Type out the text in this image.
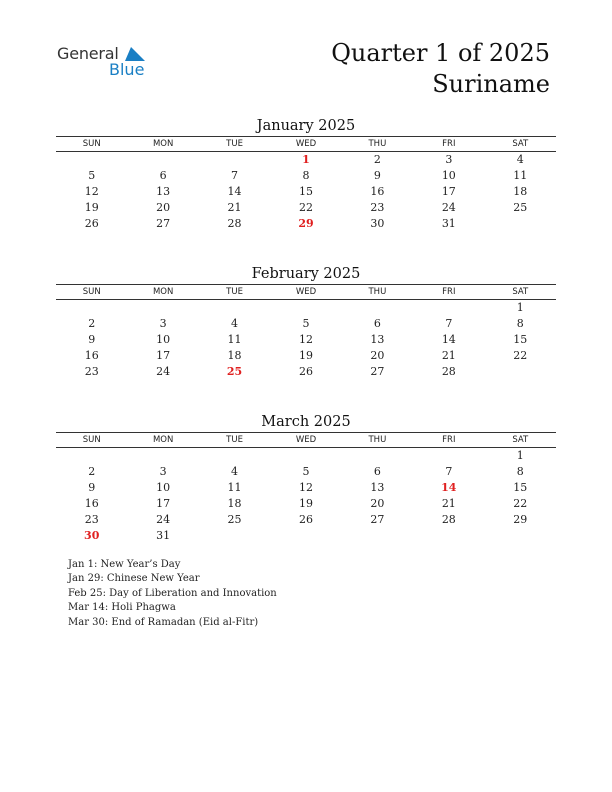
General
Blue
Quarter 1 of 2025
Suriname
January 2025
SUN	MON	TUE	WED	THU	FRI	SAT
			1	2	3	4
5	6	7	8	9	10	11
12	13	14	15	16	17	18
19	20	21	22	23	24	25
26	27	28	29	30	31	
February 2025
SUN	MON	TUE	WED	THU	FRI	SAT
						1
2	3	4	5	6	7	8
9	10	11	12	13	14	15
16	17	18	19	20	21	22
23	24	25	26	27	28	
March 2025
SUN	MON	TUE	WED	THU	FRI	SAT
						1
2	3	4	5	6	7	8
9	10	11	12	13	14	15
16	17	18	19	20	21	22
23	24	25	26	27	28	29
30	31					
Jan 1: New Year’s Day
Jan 29: Chinese New Year
Feb 25: Day of Liberation and Innovation
Mar 14: Holi Phagwa
Mar 30: End of Ramadan (Eid al-Fitr)
